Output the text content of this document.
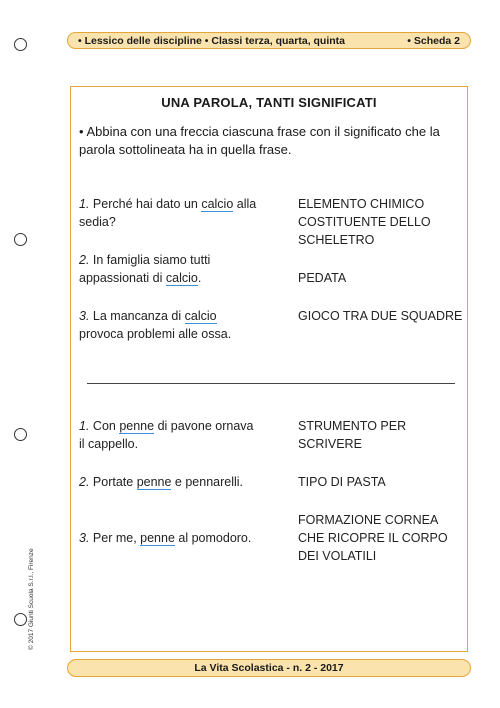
• Lessico delle discipline • Classi terza, quarta, quinta	• Scheda 2
© 2017 Giunti Scuola S.r.l., Firenze
UNA PAROLA, TANTI SIGNIFICATI
• Abbina con una freccia ciascuna frase con il significato che la parola sottolineata ha in quella frase.
1. Perché hai dato un calcio alla sedia?
2. In famiglia siamo tutti appassionati di calcio.
3. La mancanza di calcio provoca problemi alle ossa.
ELEMENTO CHIMICO COSTITUENTE DELLO SCHELETRO
PEDATA
GIOCO TRA DUE SQUADRE
1. Con penne di pavone ornava il cappello.
2. Portate penne e pennarelli.
3. Per me, penne al pomodoro.
STRUMENTO PER SCRIVERE
TIPO DI PASTA
FORMAZIONE CORNEA CHE RICOPRE IL CORPO DEI VOLATILI
La Vita Scolastica - n. 2 - 2017
